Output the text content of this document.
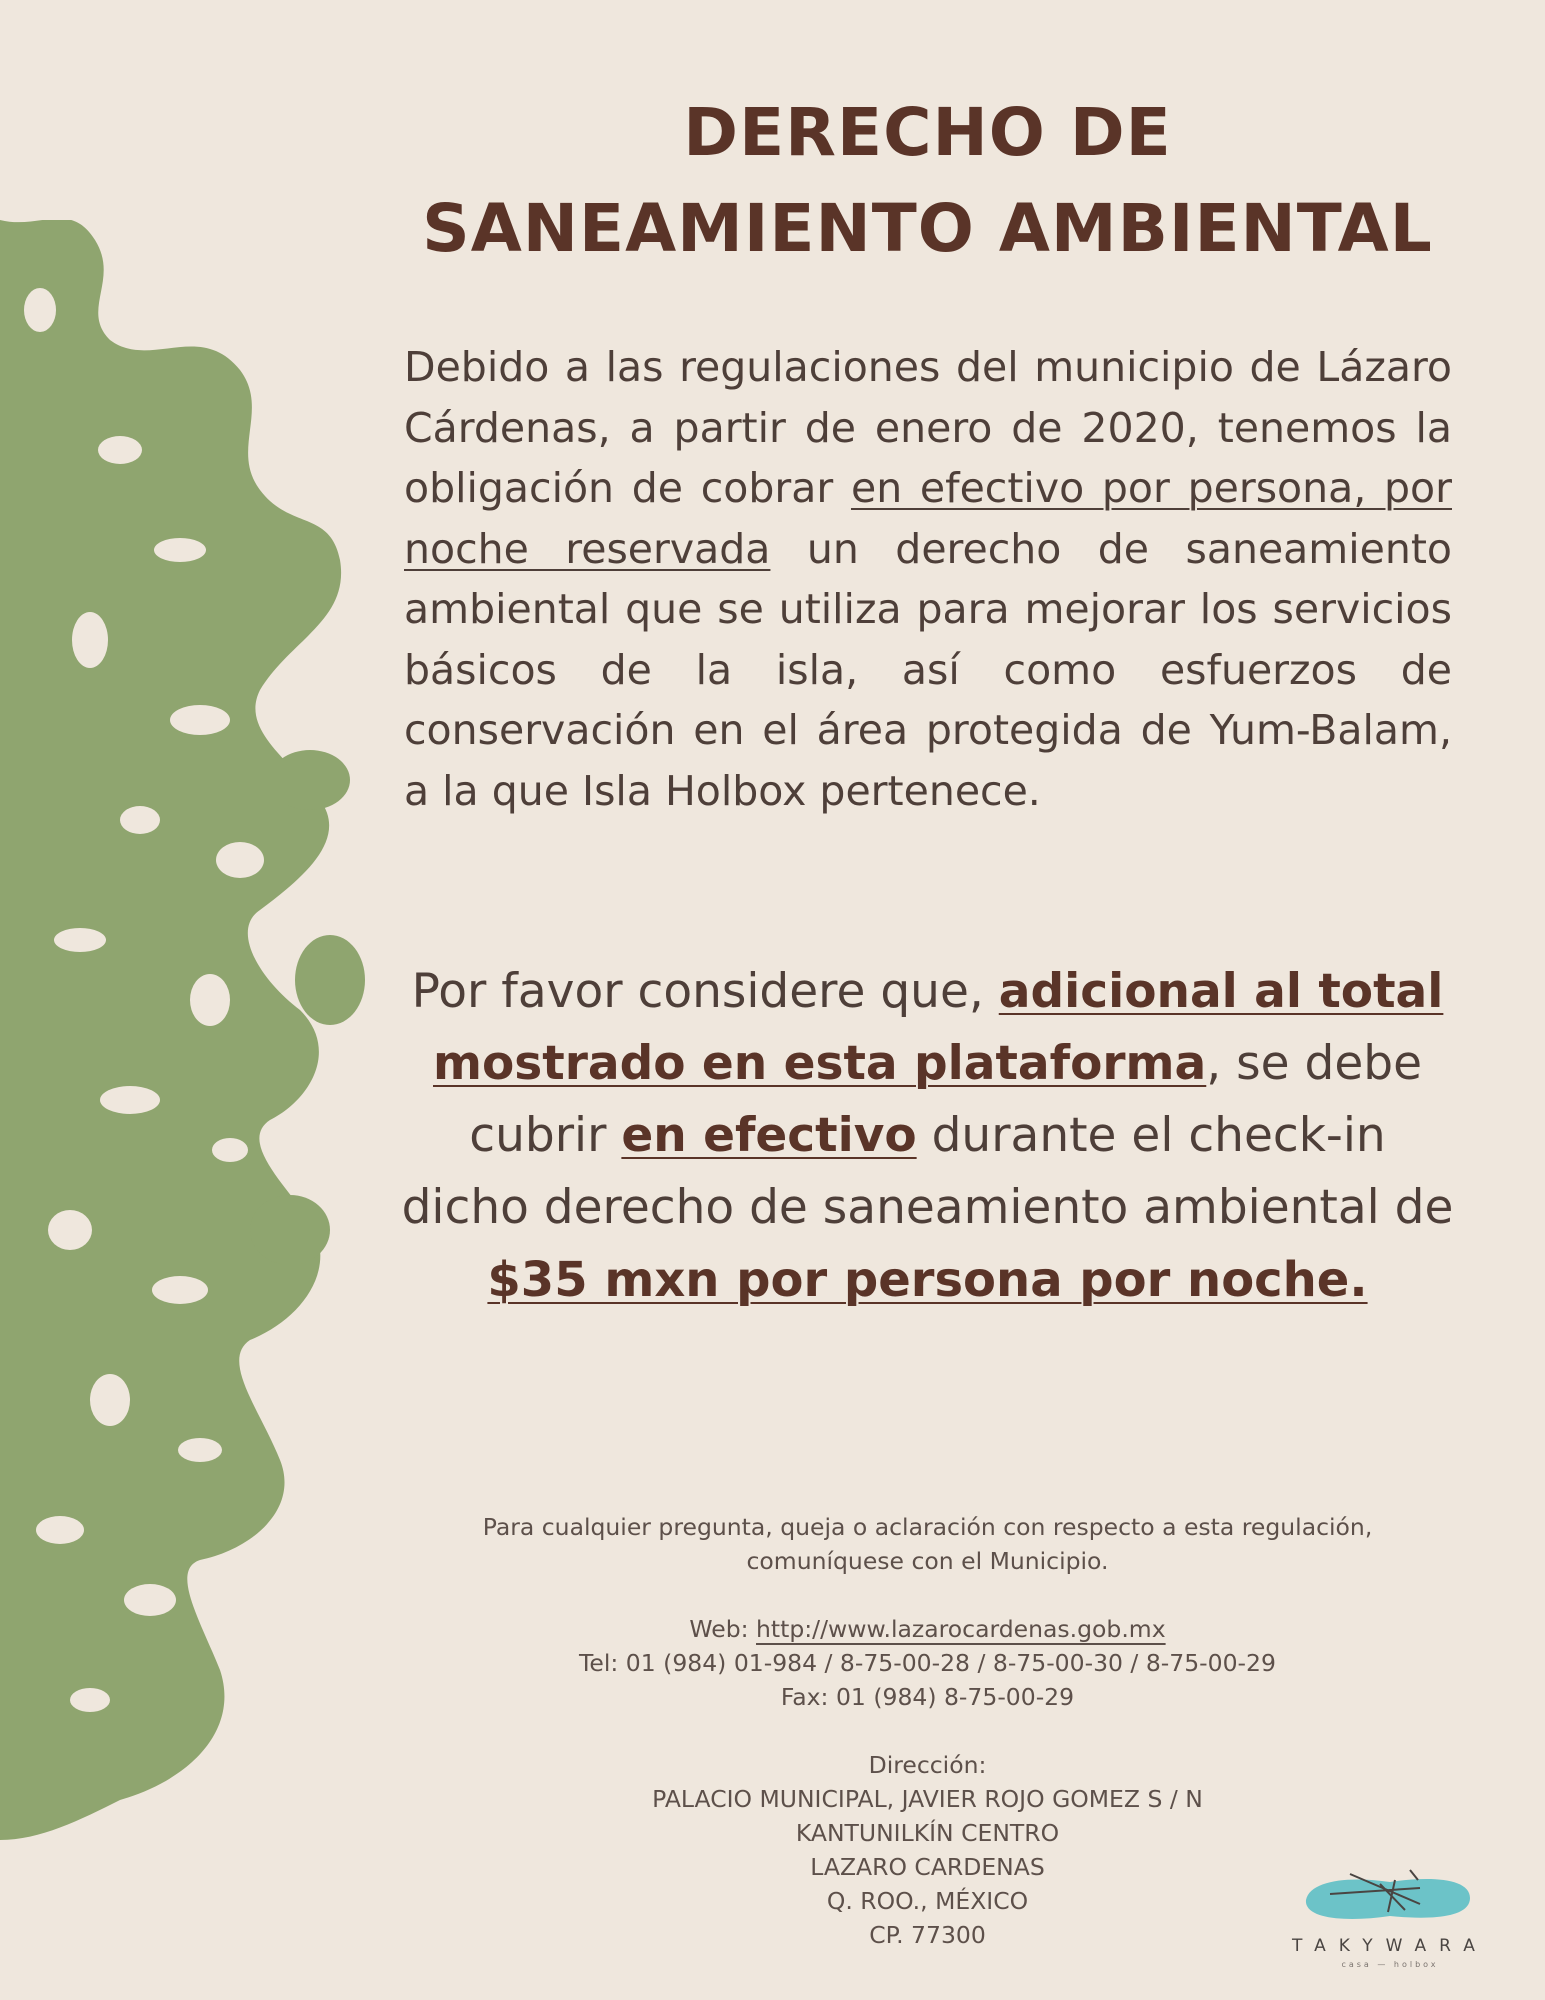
DERECHO DE
SANEAMIENTO AMBIENTAL
Debido a las regulaciones del municipio de Lázaro Cárdenas, a partir de enero de 2020, tenemos la obligación de cobrar en efectivo por persona, por noche reservada un derecho de saneamiento ambiental que se utiliza para mejorar los servicios básicos de la isla, así como esfuerzos de conservación en el área protegida de Yum-Balam, a la que Isla Holbox pertenece.
Por favor considere que, adicional al total mostrado en esta plataforma, se debe cubrir en efectivo durante el check-in dicho derecho de saneamiento ambiental de
$35 mxn por persona por noche.
Para cualquier pregunta, queja o aclaración con respecto a esta regulación,
comuníquese con el Municipio.
Web: http://www.lazarocardenas.gob.mx
Tel: 01 (984) 01-984 / 8-75-00-28 / 8-75-00-30 / 8-75-00-29
Fax: 01 (984) 8-75-00-29
Dirección:
PALACIO MUNICIPAL, JAVIER ROJO GOMEZ S / N
KANTUNILKÍN CENTRO
LAZARO CARDENAS
Q. ROO., MÉXICO
CP. 77300	TAKYWARA
casa — holbox
